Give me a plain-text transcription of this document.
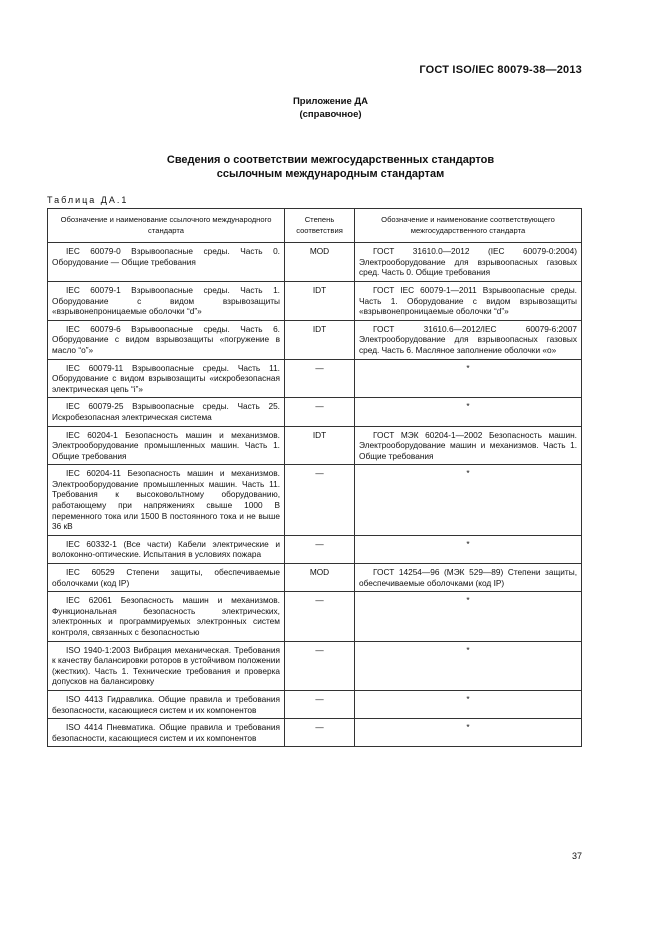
ГОСТ ISO/IEC 80079-38—2013
Приложение ДА
(справочное)
Сведения о соответствии межгосударственных стандартов
ссылочным международным стандартам
Таблица ДА.1
Обозначение и наименование ссылочного международного стандарта	Степень соответствия	Обозначение и наименование соответствующего межгосударственного стандарта
IEC 60079-0 Взрывоопасные среды. Часть 0. Оборудование — Общие требования	MOD	ГОСТ 31610.0—2012 (IEC 60079-0:2004) Электрооборудование для взрывоопасных газовых сред. Часть 0. Общие требования
IEC 60079-1 Взрывоопасные среды. Часть 1. Оборудование с видом взрывозащиты «взрывонепроницаемые оболочки “d”»	IDT	ГОСТ IEC 60079-1—2011 Взрывоопасные среды. Часть 1. Оборудование с видом взрывозащиты «взрывонепроницаемые оболочки “d”»
IEC 60079-6 Взрывоопасные среды. Часть 6. Оборудование с видом взрывозащиты «погружение в масло “o”»	IDT	ГОСТ 31610.6—2012/IEC 60079-6:2007 Электрооборудование для взрывоопасных газовых сред. Часть 6. Масляное заполнение оболочки «o»
IEC 60079-11 Взрывоопасные среды. Часть 11. Оборудование с видом взрывозащиты «искробезопасная электрическая цепь “i”»	—	*
IEC 60079-25 Взрывоопасные среды. Часть 25. Искробезопасная электрическая система	—	*
IEC 60204-1 Безопасность машин и механизмов. Электрооборудование промышленных машин. Часть 1. Общие требования	IDT	ГОСТ МЭК 60204-1—2002 Безопасность машин. Электрооборудование машин и механизмов. Часть 1. Общие требования
IEC 60204-11 Безопасность машин и механизмов. Электрооборудование промышленных машин. Часть 11. Требования к высоковольтному оборудованию, работающему при напряжениях свыше 1000 В переменного тока или 1500 В постоянного тока и не выше 36 кВ	—	*
IEC 60332-1 (Все части) Кабели электрические и волоконно-оптические. Испытания в условиях пожара	—	*
IEC 60529 Степени защиты, обеспечиваемые оболочками (код IP)	MOD	ГОСТ 14254—96 (МЭК 529—89) Степени защиты, обеспечиваемые оболочками (код IP)
IEC 62061 Безопасность машин и механизмов. Функциональная безопасность электрических, электронных и программируемых электронных систем контроля, связанных с безопасностью	—	*
ISO 1940-1:2003 Вибрация механическая. Требования к качеству балансировки роторов в устойчивом положении (жестких). Часть 1. Технические требования и проверка допусков на балансировку	—	*
ISO 4413 Гидравлика. Общие правила и требования безопасности, касающиеся систем и их компонентов	—	*
ISO 4414 Пневматика. Общие правила и требования безопасности, касающиеся систем и их компонентов	—	*
37
